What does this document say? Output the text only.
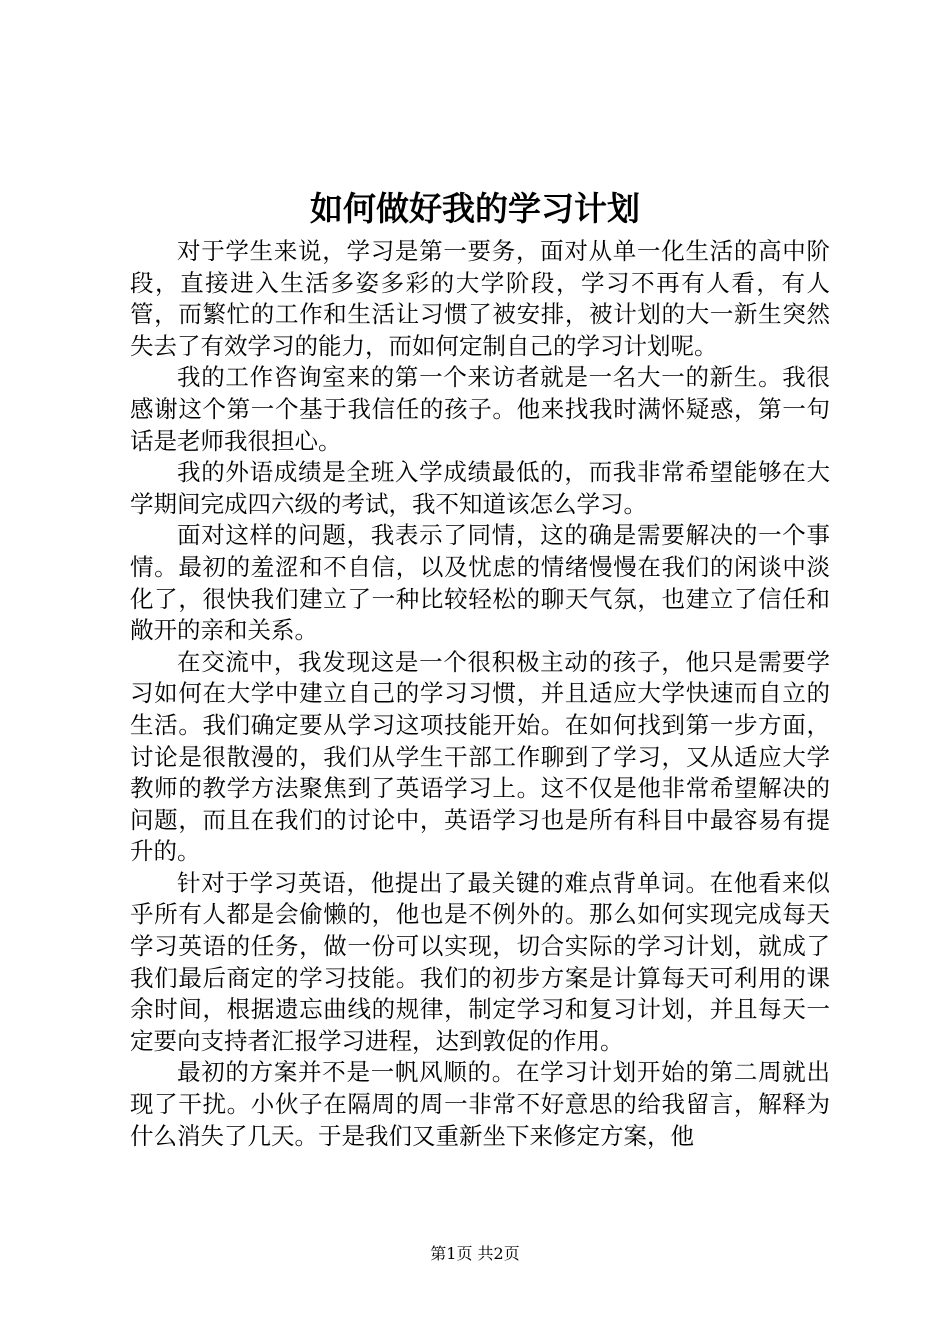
如何做好我的学习计划

对于学生来说，学习是第一要务，面对从单一化生活的高中阶段，直接进入生活多姿多彩的大学阶段，学习不再有人看，有人管，而繁忙的工作和生活让习惯了被安排，被计划的大一新生突然失去了有效学习的能力，而如何定制自己的学习计划呢。

我的工作咨询室来的第一个来访者就是一名大一的新生。我很感谢这个第一个基于我信任的孩子。他来找我时满怀疑惑，第一句话是老师我很担心。

我的外语成绩是全班入学成绩最低的，而我非常希望能够在大学期间完成四六级的考试，我不知道该怎么学习。

面对这样的问题，我表示了同情，这的确是需要解决的一个事情。最初的羞涩和不自信，以及忧虑的情绪慢慢在我们的闲谈中淡化了，很快我们建立了一种比较轻松的聊天气氛，也建立了信任和敞开的亲和关系。

在交流中，我发现这是一个很积极主动的孩子，他只是需要学习如何在大学中建立自己的学习习惯，并且适应大学快速而自立的生活。我们确定要从学习这项技能开始。在如何找到第一步方面，讨论是很散漫的，我们从学生干部工作聊到了学习，又从适应大学教师的教学方法聚焦到了英语学习上。这不仅是他非常希望解决的问题，而且在我们的讨论中，英语学习也是所有科目中最容易有提升的。

针对于学习英语，他提出了最关键的难点背单词。在他看来似乎所有人都是会偷懒的，他也是不例外的。那么如何实现完成每天学习英语的任务，做一份可以实现，切合实际的学习计划，就成了我们最后商定的学习技能。我们的初步方案是计算每天可利用的课余时间，根据遗忘曲线的规律，制定学习和复习计划，并且每天一定要向支持者汇报学习进程，达到敦促的作用。

最初的方案并不是一帆风顺的。在学习计划开始的第二周就出现了干扰。小伙子在隔周的周一非常不好意思的给我留言，解释为什么消失了几天。于是我们又重新坐下来修定方案，他

第1页 共2页
